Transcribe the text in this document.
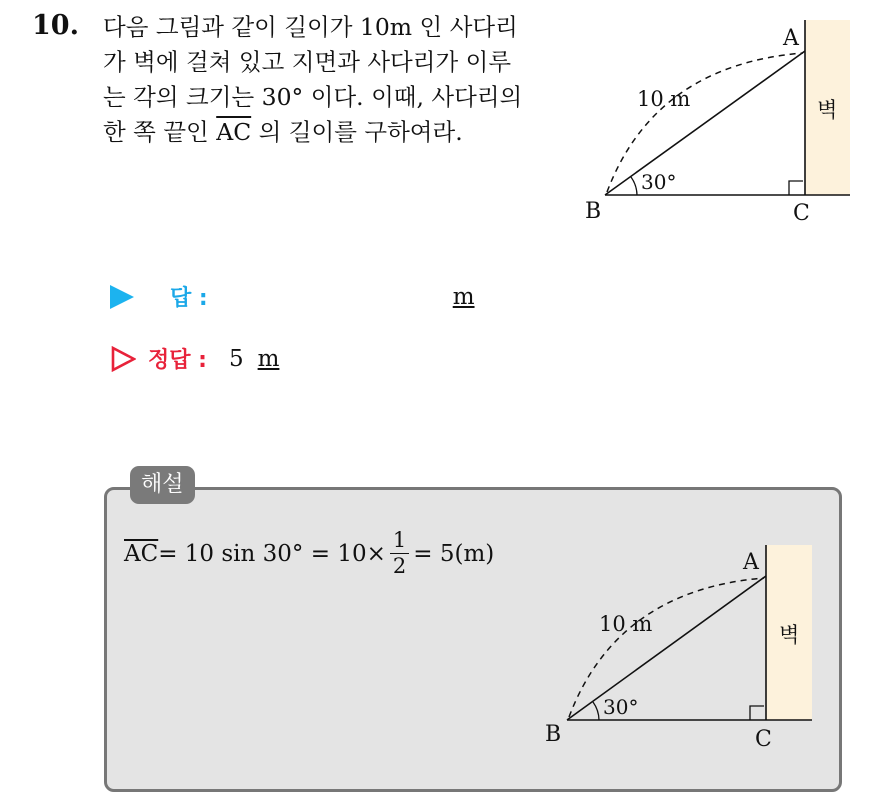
10. 다음 그림과 같이 길이가 10m 인 사다리
가 벽에 걸쳐 있고 지면과 사다리가 이루
는 각의 크기는 30° 이다. 이때, 사다리의
한 쪽 끝인 $\overline{AC}$ 의 길이를 구하여라.
A
B	C
10 m
30°
벽
답 :	m
정답 : 5 m
해설
$\overline{AC} = 10$ $\sin 30^\circ = 10\times \frac{1}{2} = 5(m)$	A
B	C
10 m
30°
벽
